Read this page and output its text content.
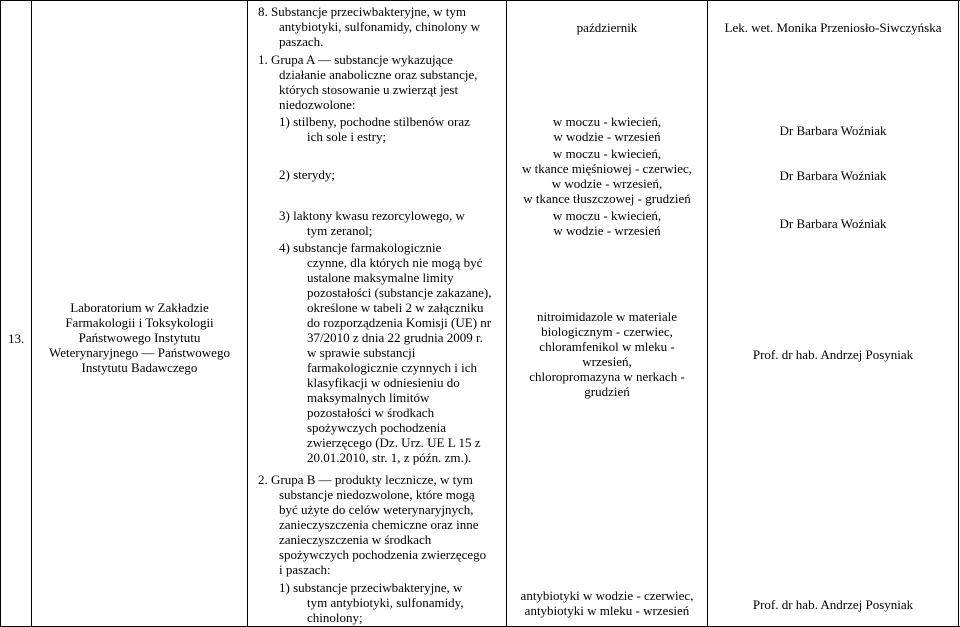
13.
Laboratorium w Zakładzie
Farmakologii i Toksykologii
Państwowego Instytutu
Weterynaryjnego — Państwowego
Instytutu Badawczego
8. Substancje przeciwbakteryjne, w tym
antybiotyki, sulfonamidy, chinolony w
paszach.
1. Grupa A — substancje wykazujące
działanie anaboliczne oraz substancje,
których stosowanie u zwierząt jest
niedozwolone:
1) stilbeny, pochodne stilbenów oraz
ich sole i estry;
2) sterydy;
3) laktony kwasu rezorcylowego, w
tym zeranol;
4) substancje farmakologicznie
czynne, dla których nie mogą być
ustalone maksymalne limity
pozostałości (substancje zakazane),
określone w tabeli 2 w załączniku
do rozporządzenia Komisji (UE) nr
37/2010 z dnia 22 grudnia 2009 r.
w sprawie substancji
farmakologicznie czynnych i ich
klasyfikacji w odniesieniu do
maksymalnych limitów
pozostałości w środkach
spożywczych pochodzenia
zwierzęcego (Dz. Urz. UE L 15 z
20.01.2010, str. 1, z późn. zm.).
2. Grupa B — produkty lecznicze, w tym
substancje niedozwolone, które mogą
być użyte do celów weterynaryjnych,
zanieczyszczenia chemiczne oraz inne
zanieczyszczenia w środkach
spożywczych pochodzenia zwierzęcego
i paszach:
1) substancje przeciwbakteryjne, w
tym antybiotyki, sulfonamidy,
chinolony;
październik
w moczu - kwiecień,
w wodzie - wrzesień
w moczu - kwiecień,
w tkance mięśniowej - czerwiec,
w wodzie - wrzesień,
w tkance tłuszczowej - grudzień
w moczu - kwiecień,
w wodzie - wrzesień
nitroimidazole w materiale
biologicznym - czerwiec,
chloramfenikol w mleku -
wrzesień,
chloropromazyna w nerkach -
grudzień
antybiotyki w wodzie - czerwiec,
antybiotyki w mleku - wrzesień
Lek. wet. Monika Przeniosło-Siwczyńska
Dr Barbara Woźniak
Dr Barbara Woźniak
Dr Barbara Woźniak
Prof. dr hab. Andrzej Posyniak
Prof. dr hab. Andrzej Posyniak
